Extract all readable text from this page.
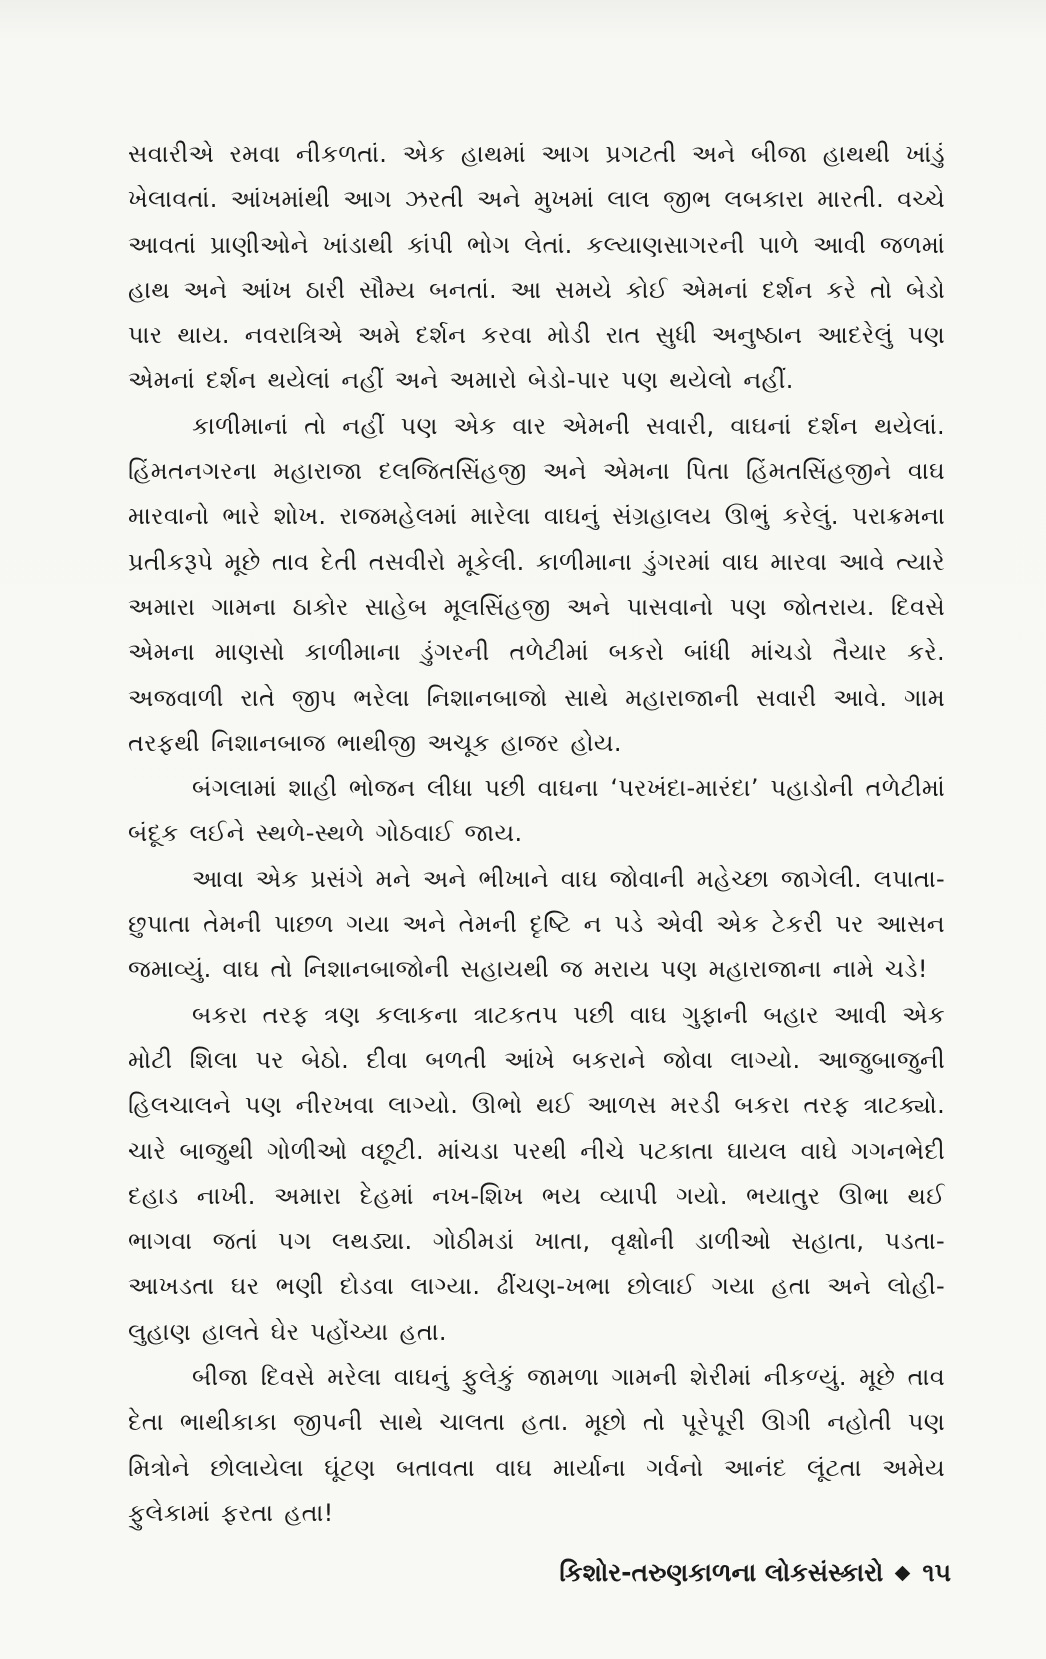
સવારીએ રમવા નીકળતાં. એક હાથમાં આગ પ્રગટતી અને બીજા હાથથી ખાંડું ખેલાવતાં. આંખમાંથી આગ ઝરતી અને મુખમાં લાલ જીભ લબકારા મારતી. વચ્ચે આવતાં પ્રાણીઓને ખાંડાથી કાંપી ભોગ લેતાં. કલ્યાણસાગરની પાળે આવી જળમાં હાથ અને આંખ ઠારી સૌમ્ય બનતાં. આ સમયે કોઈ એમનાં દર્શન કરે તો બેડો પાર થાય. નવરાત્રિએ અમે દર્શન કરવા મોડી રાત સુધી અનુષ્ઠાન આદરેલું પણ એમનાં દર્શન થયેલાં નહીં અને અમારો બેડો-પાર પણ થયેલો નહીં.

કાળીમાનાં તો નહીં પણ એક વાર એમની સવારી, વાઘનાં દર્શન થયેલાં. હિંમતનગરના મહારાજા દલજિતસિંહજી અને એમના પિતા હિંમતસિંહજીને વાઘ મારવાનો ભારે શોખ. રાજમહેલમાં મારેલા વાઘનું સંગ્રહાલય ઊભું કરેલું. પરાક્રમના પ્રતીકરૂપે મૂછે તાવ દેતી તસવીરો મૂકેલી. કાળીમાના ડુંગરમાં વાઘ મારવા આવે ત્યારે અમારા ગામના ઠાકોર સાહેબ મૂલસિંહજી અને પાસવાનો પણ જોતરાય. દિવસે એમના માણસો કાળીમાના ડુંગરની તળેટીમાં બકરો બાંધી માંચડો તૈયાર કરે. અજવાળી રાતે જીપ ભરેલા નિશાનબાજો સાથે મહારાજાની સવારી આવે. ગામ તરફથી નિશાનબાજ ભાથીજી અચૂક હાજર હોય.

બંગલામાં શાહી ભોજન લીધા પછી વાઘના ‘પરખંદા-મારંદા’ પહાડોની તળેટીમાં બંદૂક લઈને સ્થળે-સ્થળે ગોઠવાઈ જાય.

આવા એક પ્રસંગે મને અને ભીખાને વાઘ જોવાની મહેચ્છા જાગેલી. લપાતા-છુપાતા તેમની પાછળ ગયા અને તેમની દૃષ્ટિ ન પડે એવી એક ટેકરી પર આસન જમાવ્યું. વાઘ તો નિશાનબાજોની સહાયથી જ મરાય પણ મહારાજાના નામે ચડે!

બકરા તરફ ત્રણ કલાકના ત્રાટકતપ પછી વાઘ ગુફાની બહાર આવી એક મોટી શિલા પર બેઠો. દીવા બળતી આંખે બકરાને જોવા લાગ્યો. આજુબાજુની હિલચાલને પણ નીરખવા લાગ્યો. ઊભો થઈ આળસ મરડી બકરા તરફ ત્રાટક્યો. ચારે બાજુથી ગોળીઓ વછૂટી. માંચડા પરથી નીચે પટકાતા ઘાયલ વાઘે ગગનભેદી દહાડ નાખી. અમારા દેહમાં નખ-શિખ ભય વ્યાપી ગયો. ભયાતુર ઊભા થઈ ભાગવા જતાં પગ લથડ્યા. ગોઠીમડાં ખાતા, વૃક્ષોની ડાળીઓ સહાતા, પડતા-આખડતા ઘર ભણી દોડવા લાગ્યા. ઢીંચણ-ખભા છોલાઈ ગયા હતા અને લોહી-લુહાણ હાલતે ઘેર પહોંચ્યા હતા.

બીજા દિવસે મરેલા વાઘનું ફુલેકું જામળા ગામની શેરીમાં નીકળ્યું. મૂછે તાવ દેતા ભાથીકાકા જીપની સાથે ચાલતા હતા. મૂછો તો પૂરેપૂરી ઊગી નહોતી પણ મિત્રોને છોલાયેલા ઘૂંટણ બતાવતા વાઘ માર્યાના ગર્વનો આનંદ લૂંટતા અમેય ફુલેકામાં ફરતા હતા!

કિશોર-તરુણકાળના લોકસંસ્કારો ૧૫
